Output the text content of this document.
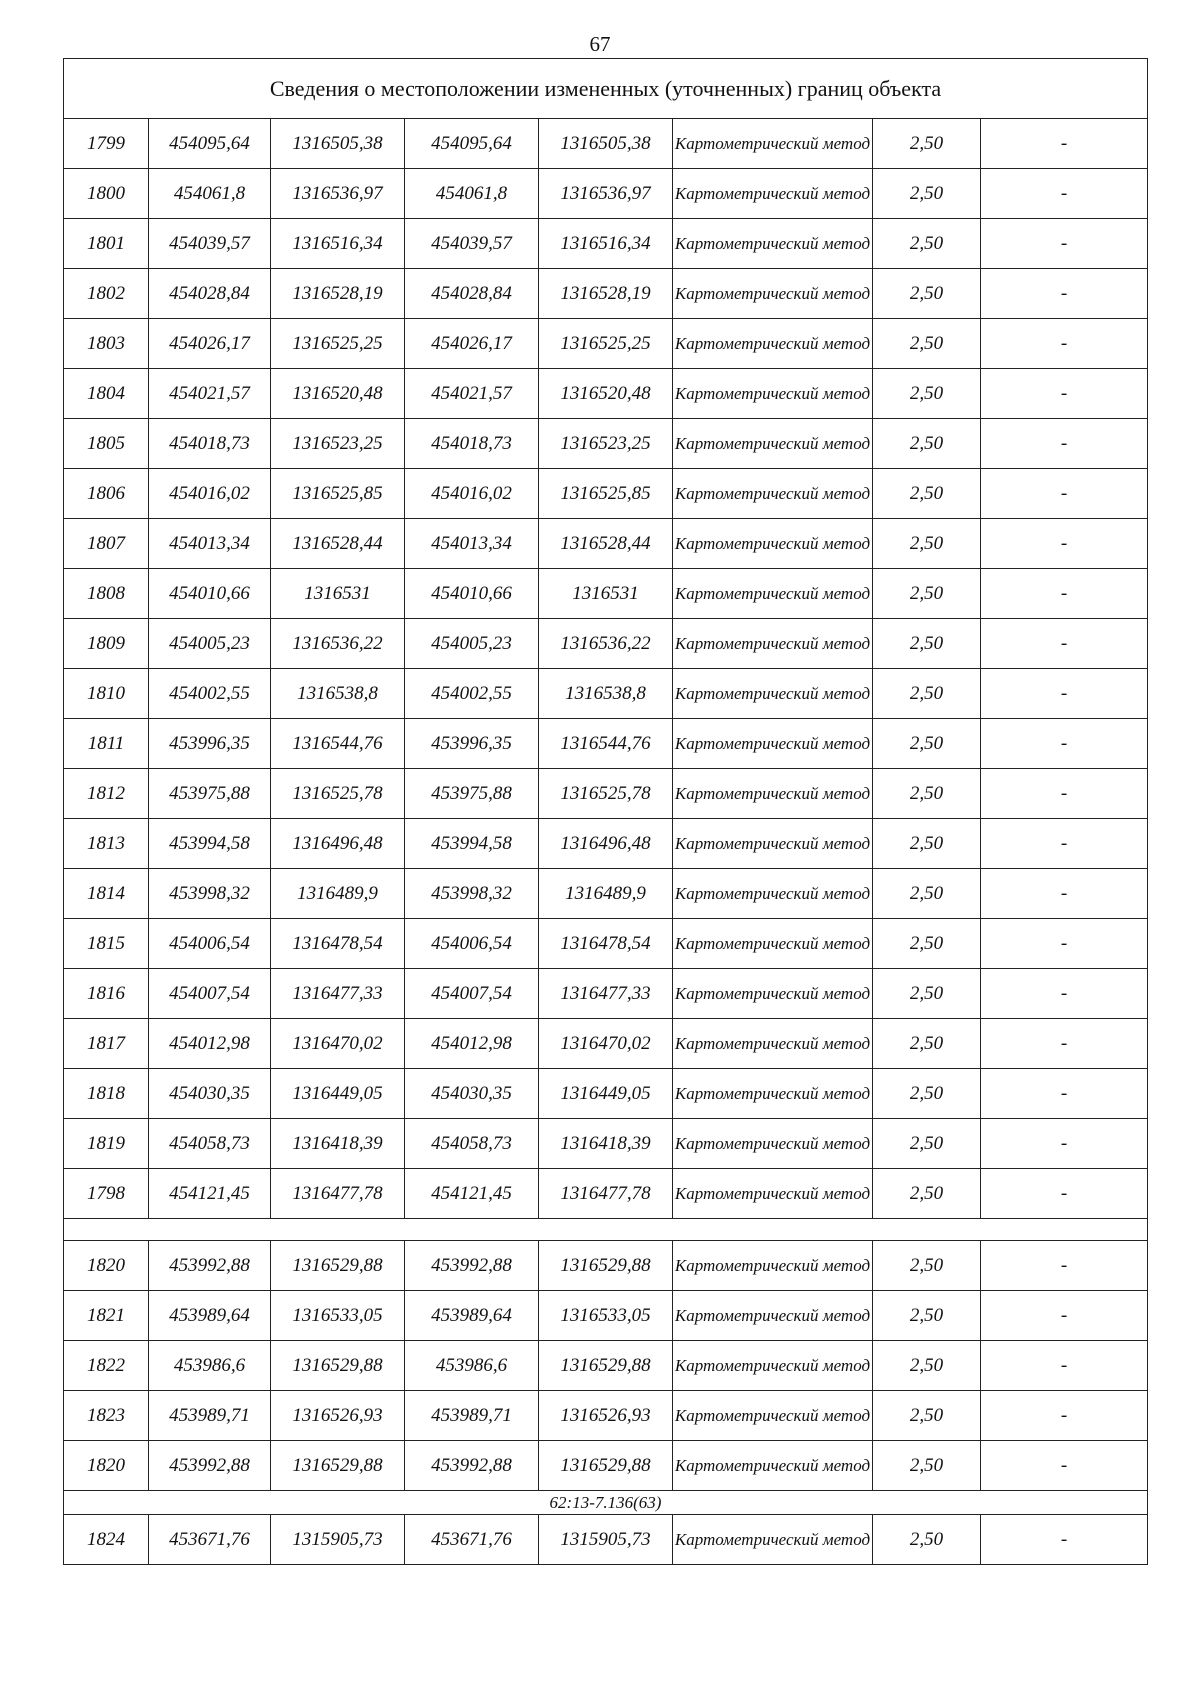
67
Сведения о местоположении измененных (уточненных) границ объекта							
1799	454095,64	1316505,38	454095,64	1316505,38	Картометрический метод	2,50	-
1800	454061,8	1316536,97	454061,8	1316536,97	Картометрический метод	2,50	-
1801	454039,57	1316516,34	454039,57	1316516,34	Картометрический метод	2,50	-
1802	454028,84	1316528,19	454028,84	1316528,19	Картометрический метод	2,50	-
1803	454026,17	1316525,25	454026,17	1316525,25	Картометрический метод	2,50	-
1804	454021,57	1316520,48	454021,57	1316520,48	Картометрический метод	2,50	-
1805	454018,73	1316523,25	454018,73	1316523,25	Картометрический метод	2,50	-
1806	454016,02	1316525,85	454016,02	1316525,85	Картометрический метод	2,50	-
1807	454013,34	1316528,44	454013,34	1316528,44	Картометрический метод	2,50	-
1808	454010,66	1316531	454010,66	1316531	Картометрический метод	2,50	-
1809	454005,23	1316536,22	454005,23	1316536,22	Картометрический метод	2,50	-
1810	454002,55	1316538,8	454002,55	1316538,8	Картометрический метод	2,50	-
1811	453996,35	1316544,76	453996,35	1316544,76	Картометрический метод	2,50	-
1812	453975,88	1316525,78	453975,88	1316525,78	Картометрический метод	2,50	-
1813	453994,58	1316496,48	453994,58	1316496,48	Картометрический метод	2,50	-
1814	453998,32	1316489,9	453998,32	1316489,9	Картометрический метод	2,50	-
1815	454006,54	1316478,54	454006,54	1316478,54	Картометрический метод	2,50	-
1816	454007,54	1316477,33	454007,54	1316477,33	Картометрический метод	2,50	-
1817	454012,98	1316470,02	454012,98	1316470,02	Картометрический метод	2,50	-
1818	454030,35	1316449,05	454030,35	1316449,05	Картометрический метод	2,50	-
1819	454058,73	1316418,39	454058,73	1316418,39	Картометрический метод	2,50	-
1798	454121,45	1316477,78	454121,45	1316477,78	Картометрический метод	2,50	-

1820	453992,88	1316529,88	453992,88	1316529,88	Картометрический метод	2,50	-
1821	453989,64	1316533,05	453989,64	1316533,05	Картометрический метод	2,50	-
1822	453986,6	1316529,88	453986,6	1316529,88	Картометрический метод	2,50	-
1823	453989,71	1316526,93	453989,71	1316526,93	Картометрический метод	2,50	-
1820	453992,88	1316529,88	453992,88	1316529,88	Картометрический метод	2,50	-
62:13-7.136(63)							
1824	453671,76	1315905,73	453671,76	1315905,73	Картометрический метод	2,50	-
